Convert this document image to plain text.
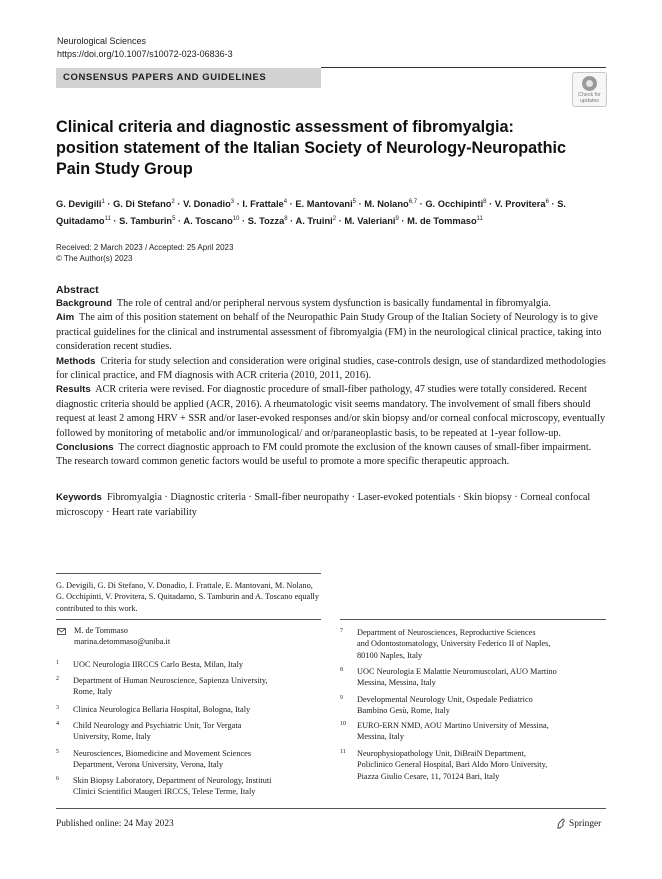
Neurological Sciences
https://doi.org/10.1007/s10072-023-06836-3
CONSENSUS PAPERS AND GUIDELINES
Check for
updates
Clinical criteria and diagnostic assessment of fibromyalgia: position statement of the Italian Society of Neurology-Neuropathic Pain Study Group
G. Devigili$^1$ · G. Di Stefano$^2$ · V. Donadio$^3$ · I. Frattale$^4$ · E. Mantovani$^5$ · M. Nolano$^{6,7}$ · G. Occhipinti$^8$ · V. Provitera$^6$ · S. Quitadamo$^{11}$ · S. Tamburin$^5$ · A. Toscano$^{10}$ · S. Tozza$^8$ · A. Truini$^2$ · M. Valeriani$^9$ · M. de Tommaso$^{11}$
Received: 2 March 2023 / Accepted: 25 April 2023
© The Author(s) 2023
Abstract

Background The role of central and/or peripheral nervous system dysfunction is basically fundamental in fibromyalgia.

Aim The aim of this position statement on behalf of the Neuropathic Pain Study Group of the Italian Society of Neurology is to give practical guidelines for the clinical and instrumental assessment of fibromyalgia (FM) in the neurological clinical practice, taking into consideration recent studies.

Methods Criteria for study selection and consideration were original studies, case-controls design, use of standardized methodologies for clinical practice, and FM diagnosis with ACR criteria (2010, 2011, 2016).

Results ACR criteria were revised. For diagnostic procedure of small-fiber pathology, 47 studies were totally considered. Recent diagnostic criteria should be applied (ACR, 2016). A rheumatologic visit seems mandatory. The involvement of small fibers should request at least 2 among HRV + SSR and/or laser-evoked responses and/or skin biopsy and/or corneal confocal microscopy, eventually followed by monitoring of metabolic and/or immunological/ and or/paraneoplastic basis, to be repeated at 1-year follow-up.

Conclusions The correct diagnostic approach to FM could promote the exclusion of the known causes of small-fiber impairment. The research toward common genetic factors would be useful to promote a more specific therapeutic approach.

Keywords Fibromyalgia · Diagnostic criteria · Small-fiber neuropathy · Laser-evoked potentials · Skin biopsy · Corneal confocal microscopy · Heart rate variability
G. Devigili, G. Di Stefano, V. Donadio, I. Frattale, E. Mantovani, M. Nolano, G. Occhipinti, V. Provitera, S. Quitadamo, S. Tamburin and A. Toscano equally contributed to this work.
M. de Tommaso
marina.detommaso@uniba.it
1 UOC Neurologia IIRCCS Carlo Besta, Milan, Italy
2 Department of Human Neuroscience, Sapienza University,
Rome, Italy
3 Clinica Neurologica Bellaria Hospital, Bologna, Italy
4 Child Neurology and Psychiatric Unit, Tor Vergata
University, Rome, Italy
5 Neurosciences, Biomedicine and Movement Sciences
Department, Verona University, Verona, Italy
6 Skin Biopsy Laboratory, Department of Neurology, Instituti
Clinici Scientifici Maugeri IRCCS, Telese Terme, Italy
7 Department of Neurosciences, Reproductive Sciences
and Odontostomatology, University Federico II of Naples,
80100 Naples, Italy
8 UOC Neurologia E Malattie Neuromuscolari, AUO Martino
Messina, Messina, Italy
9 Developmental Neurology Unit, Ospedale Pediatrico
Bambino Gesù, Rome, Italy
10 EURO-ERN NMD, AOU Martino University of Messina,
Messina, Italy
11 Neurophysiopathology Unit, DiBraiN Department,
Policlinico General Hospital, Bari Aldo Moro University,
Piazza Giulio Cesare, 11, 70124 Bari, Italy
Published online: 24 May 2023	Springer
